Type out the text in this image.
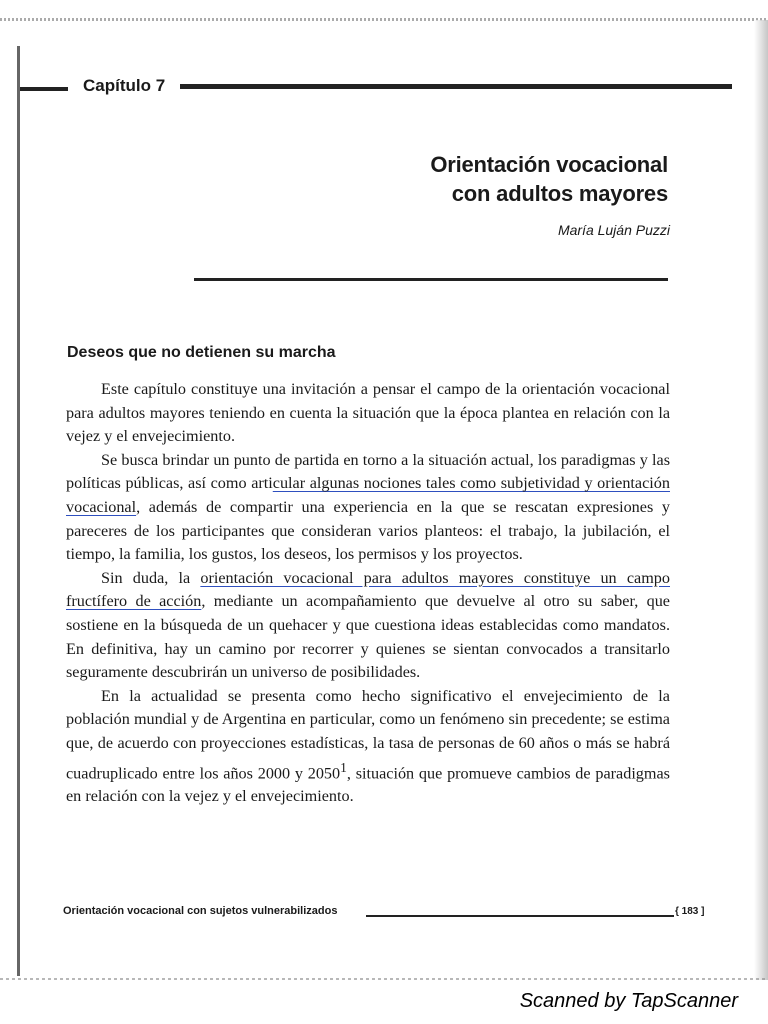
Capítulo 7
Orientación vocacional
con adultos mayores
María Luján Puzzi
Deseos que no detienen su marcha

Este capítulo constituye una invitación a pensar el campo de la orientación vocacional para adultos mayores teniendo en cuenta la situación que la época plantea en relación con la vejez y el envejecimiento.

Se busca brindar un punto de partida en torno a la situación actual, los paradigmas y las políticas públicas, así como articular algunas nociones tales como subjetividad y orientación vocacional, además de compartir una experiencia en la que se rescatan expresiones y pareceres de los participantes que consideran varios planteos: el trabajo, la jubilación, el tiempo, la familia, los gustos, los deseos, los permisos y los proyectos.

Sin duda, la orientación vocacional para adultos mayores constituye un campo fructífero de acción, mediante un acompañamiento que devuelve al otro su saber, que sostiene en la búsqueda de un quehacer y que cuestiona ideas establecidas como mandatos. En definitiva, hay un camino por recorrer y quienes se sientan convocados a transitarlo seguramente descubrirán un universo de posibilidades.

En la actualidad se presenta como hecho significativo el envejecimiento de la población mundial y de Argentina en particular, como un fenómeno sin precedente; se estima que, de acuerdo con proyecciones estadísticas, la tasa de personas de 60 años o más se habrá cuadruplicado entre los años 2000 y 2050$^1$, situación que promueve cambios de paradigmas en relación con la vejez y el envejecimiento.

Orientación vocacional con sujetos vulnerabilizados	{ 183 ]
Scanned by TapScanner
